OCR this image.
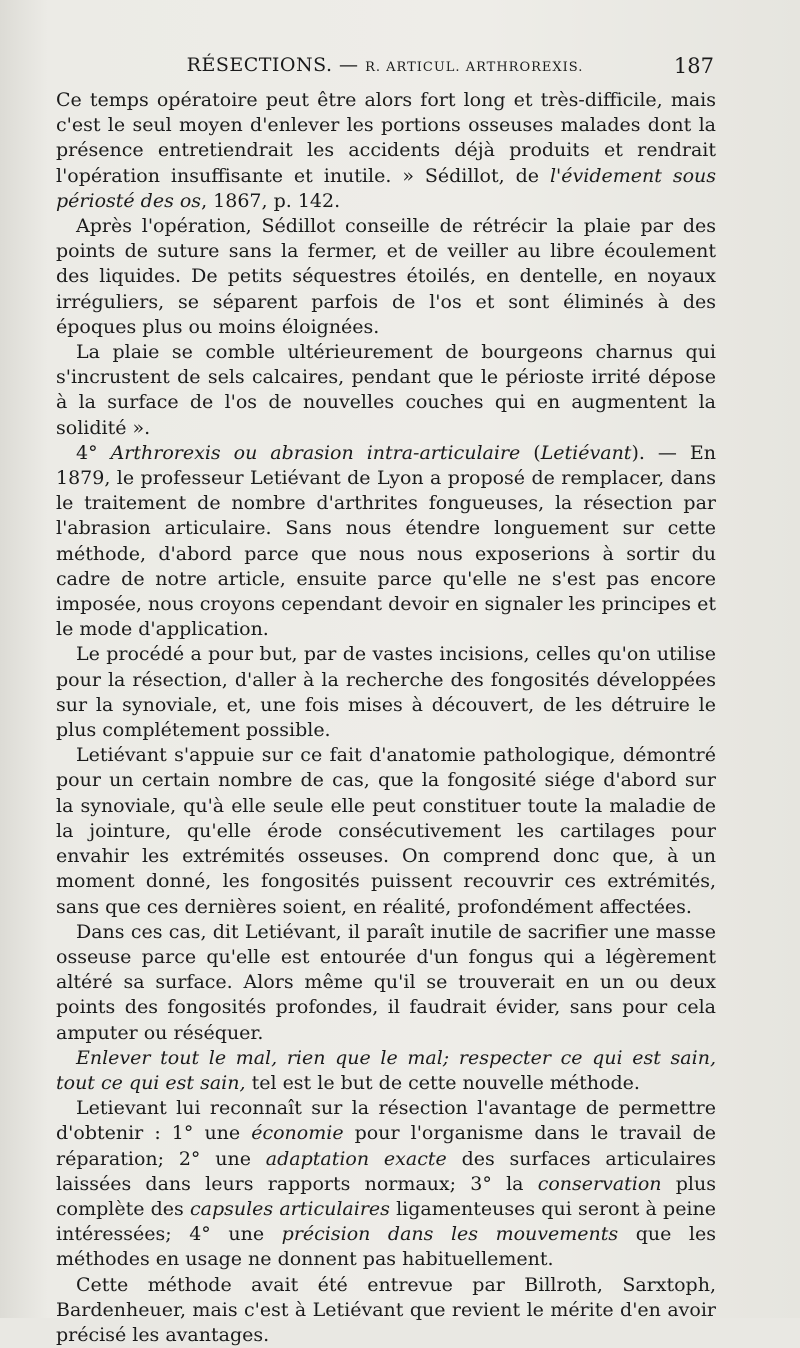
RÉSECTIONS. — R. ARTICUL. ARTHROREXIS.	187

Ce temps opératoire peut être alors fort long et très-difficile, mais c'est le seul moyen d'enlever les portions osseuses malades dont la présence entretiendrait les accidents déjà produits et rendrait l'opération insuffisante et inutile. » Sédillot, de l'évidement sous périosté des os, 1867, p. 142.

Après l'opération, Sédillot conseille de rétrécir la plaie par des points de suture sans la fermer, et de veiller au libre écoulement des liquides. De petits séquestres étoilés, en dentelle, en noyaux irréguliers, se séparent parfois de l'os et sont éliminés à des époques plus ou moins éloignées.

La plaie se comble ultérieurement de bourgeons charnus qui s'incrustent de sels calcaires, pendant que le périoste irrité dépose à la surface de l'os de nouvelles couches qui en augmentent la solidité ».

4° Arthrorexis ou abrasion intra-articulaire (Letiévant). — En 1879, le professeur Letiévant de Lyon a proposé de remplacer, dans le traitement de nombre d'arthrites fongueuses, la résection par l'abrasion articulaire. Sans nous étendre longuement sur cette méthode, d'abord parce que nous nous exposerions à sortir du cadre de notre article, ensuite parce qu'elle ne s'est pas encore imposée, nous croyons cependant devoir en signaler les principes et le mode d'application.

Le procédé a pour but, par de vastes incisions, celles qu'on utilise pour la résection, d'aller à la recherche des fongosités développées sur la synoviale, et, une fois mises à découvert, de les détruire le plus complétement possible.

Letiévant s'appuie sur ce fait d'anatomie pathologique, démontré pour un certain nombre de cas, que la fongosité siége d'abord sur la synoviale, qu'à elle seule elle peut constituer toute la maladie de la jointure, qu'elle érode consécutivement les cartilages pour envahir les extrémités osseuses. On comprend donc que, à un moment donné, les fongosités puissent recouvrir ces extrémités, sans que ces dernières soient, en réalité, profondément affectées.

Dans ces cas, dit Letiévant, il paraît inutile de sacrifier une masse osseuse parce qu'elle est entourée d'un fongus qui a légèrement altéré sa surface. Alors même qu'il se trouverait en un ou deux points des fongosités profondes, il faudrait évider, sans pour cela amputer ou réséquer.

Enlever tout le mal, rien que le mal; respecter ce qui est sain, tout ce qui est sain, tel est le but de cette nouvelle méthode.

Letievant lui reconnaît sur la résection l'avantage de permettre d'obtenir : 1° une économie pour l'organisme dans le travail de réparation; 2° une adaptation exacte des surfaces articulaires laissées dans leurs rapports normaux; 3° la conservation plus complète des capsules articulaires ligamenteuses qui seront à peine intéressées; 4° une précision dans les mouvements que les méthodes en usage ne donnent pas habituellement.

Cette méthode avait été entrevue par Billroth, Sarxtoph, Bardenheuer, mais c'est à Letiévant que revient le mérite d'en avoir précisé les avantages.
